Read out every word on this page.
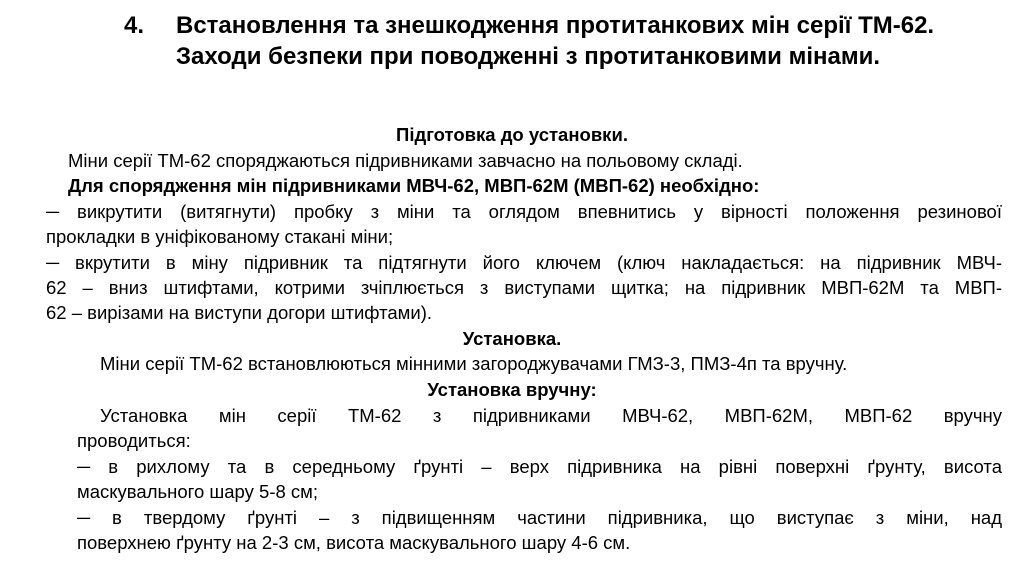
4.	Встановлення та знешкодження протитанкових мін серії ТМ-62. Заходи безпеки при поводженні з протитанковими мінами.
Підготовка до установки.
Міни серії ТМ-62 споряджаються підривниками завчасно на польовому складі.
Для спорядження мін підривниками МВЧ-62, МВП-62М (МВП-62) необхідно:
─ викрутити (витягнути) пробку з міни та оглядом впевнитись у вірності положення резинової
прокладки в уніфікованому стакані міни;
─ вкрутити в міну підривник та підтягнути його ключем (ключ накладається: на підривник МВЧ-
62 – вниз штифтами, котрими зчіплюється з виступами щитка; на підривник МВП-62М та МВП-
62 – вирізами на виступи догори штифтами).
Установка.
Міни серії ТМ-62 встановлюються мінними загороджувачами ГМЗ-3, ПМЗ-4п та вручну.
Установка вручну:
Установка мін серії ТМ-62 з підривниками МВЧ-62, МВП-62М, МВП-62 вручну
проводиться:
─ в рихлому та в середньому ґрунті – верх підривника на рівні поверхні ґрунту, висота
маскувального шару 5-8 см;
─ в твердому ґрунті – з підвищенням частини підривника, що виступає з міни, над
поверхнею ґрунту на 2-3 см, висота маскувального шару 4-6 см.
